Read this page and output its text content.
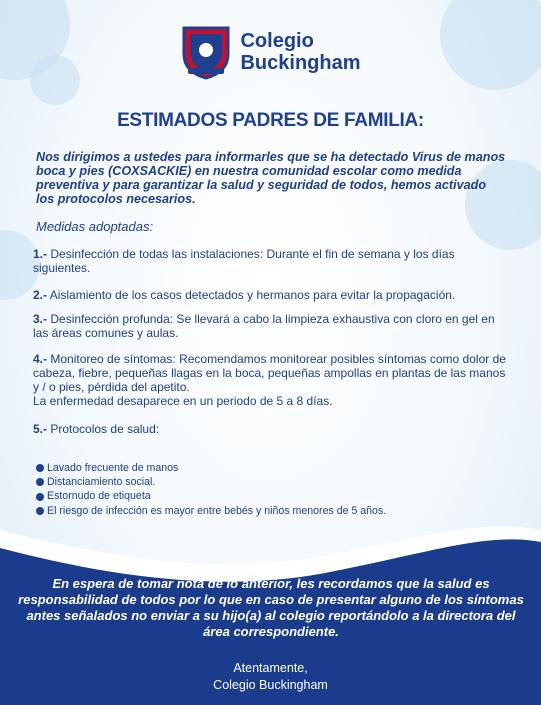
Colegio
Buckingham
ESTIMADOS PADRES DE FAMILIA:
Nos dirigimos a ustedes para informarles que se ha detectado Virus de manos boca y pies (COXSACKIE) en nuestra comunidad escolar como medida preventiva y para garantizar la salud y seguridad de todos, hemos activado los protocolos necesarios.
Medidas adoptadas:
1.- Desinfección de todas las instalaciones: Durante el fin de semana y los días siguientes.
2.- Aislamiento de los casos detectados y hermanos para evitar la propagación.
3.- Desinfección profunda: Se llevará a cabo la limpieza exhaustiva con cloro en gel en las áreas comunes y aulas.
4.- Monitoreo de síntomas: Recomendamos monitorear posibles síntomas como dolor de cabeza, fiebre, pequeñas llagas en la boca, pequeñas ampollas en plantas de las manos y / o pies, pérdida del apetito.
La enfermedad desaparece en un periodo de 5 a 8 días.
5.- Protocolos de salud:
Lavado frecuente de manos
Distanciamiento social.
Estornudo de etiqueta
El riesgo de infección es mayor entre bebés y niños menores de 5 años.
En espera de tomar nota de lo anterior, les recordamos que la salud es responsabilidad de todos por lo que en caso de presentar alguno de los síntomas antes señalados no enviar a su hijo(a) al colegio reportándolo a la directora del área correspondiente.
Atentamente,
Colegio Buckingham
